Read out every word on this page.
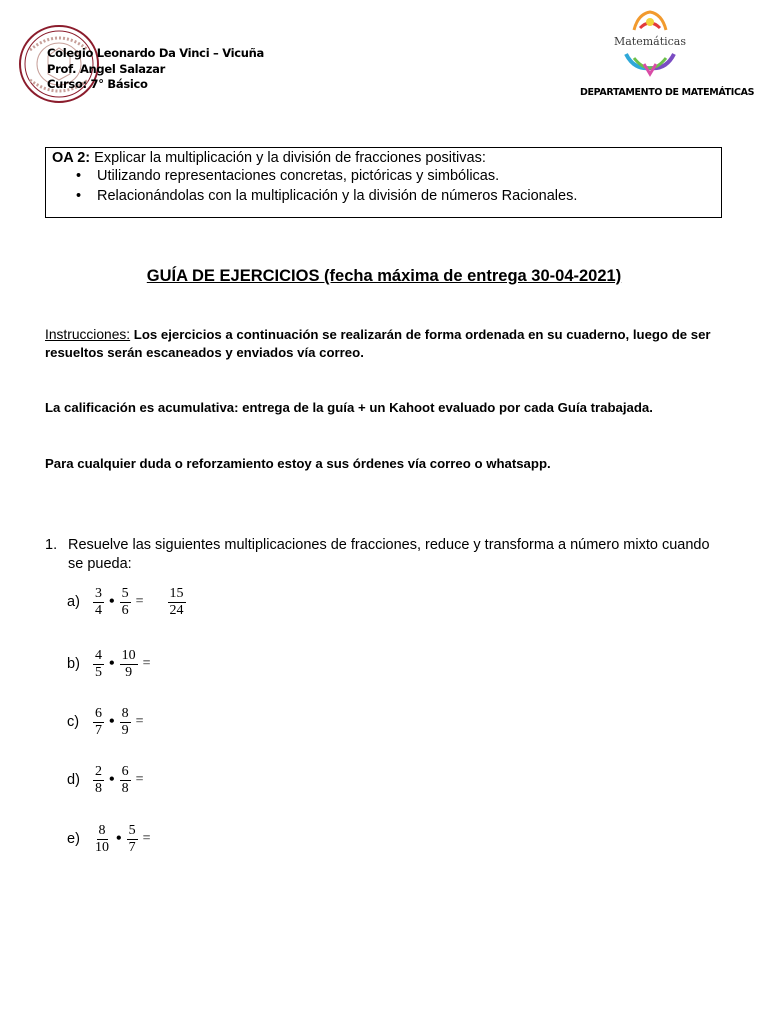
Colegio Leonardo Da Vinci – Vicuña
Prof. Angel Salazar
Curso: 7° Básico
Matemáticas
DEPARTAMENTO DE MATEMÁTICAS
OA 2: Explicar la multiplicación y la división de fracciones positivas:
• Utilizando representaciones concretas, pictóricas y simbólicas.
• Relacionándolas con la multiplicación y la división de números Racionales.
GUÍA DE EJERCICIOS (fecha máxima de entrega 30-04-2021)
Instrucciones: Los ejercicios a continuación se realizarán de forma ordenada en su cuaderno, luego de ser resueltos serán escaneados y enviados vía correo.
La calificación es acumulativa: entrega de la guía + un Kahoot evaluado por cada Guía trabajada.
Para cualquier duda o reforzamiento estoy a sus órdenes vía correo o whatsapp.
1. Resuelve las siguientes multiplicaciones de fracciones, reduce y transforma a número mixto cuando se pueda:
$a) \frac{3}{4}$ • $\frac{5}{6} = \frac{15}{24}$
$b) \frac{4}{5}$ • $\frac{10}{9}$ =
$c) \frac{6}{7}$ • $\frac{8}{9}$ =
$d) \frac{2}{8}$ • $\frac{6}{8}$ =
$e) \frac{8}{10}$ • $\frac{5}{7}$ =
